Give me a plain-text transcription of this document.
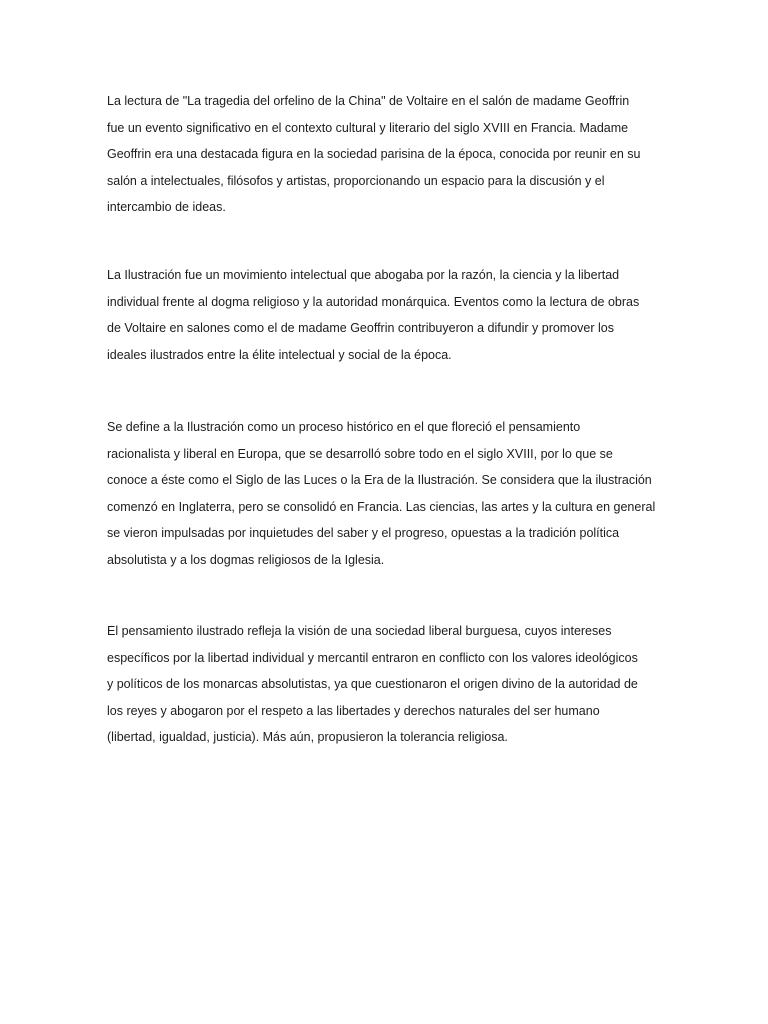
La lectura de "La tragedia del orfelino de la China" de Voltaire en el salón de madame Geoffrin
fue un evento significativo en el contexto cultural y literario del siglo XVIII en Francia. Madame
Geoffrin era una destacada figura en la sociedad parisina de la época, conocida por reunir en su
salón a intelectuales, filósofos y artistas, proporcionando un espacio para la discusión y el
intercambio de ideas.

La Ilustración fue un movimiento intelectual que abogaba por la razón, la ciencia y la libertad
individual frente al dogma religioso y la autoridad monárquica. Eventos como la lectura de obras
de Voltaire en salones como el de madame Geoffrin contribuyeron a difundir y promover los
ideales ilustrados entre la élite intelectual y social de la época.

Se define a la Ilustración como un proceso histórico en el que floreció el pensamiento
racionalista y liberal en Europa, que se desarrolló sobre todo en el siglo XVIII, por lo que se
conoce a éste como el Siglo de las Luces o la Era de la Ilustración. Se considera que la ilustración
comenzó en Inglaterra, pero se consolidó en Francia. Las ciencias, las artes y la cultura en general
se vieron impulsadas por inquietudes del saber y el progreso, opuestas a la tradición política
absolutista y a los dogmas religiosos de la Iglesia.

El pensamiento ilustrado refleja la visión de una sociedad liberal burguesa, cuyos intereses
específicos por la libertad individual y mercantil entraron en conflicto con los valores ideológicos
y políticos de los monarcas absolutistas, ya que cuestionaron el origen divino de la autoridad de
los reyes y abogaron por el respeto a las libertades y derechos naturales del ser humano
(libertad, igualdad, justicia). Más aún, propusieron la tolerancia religiosa.
